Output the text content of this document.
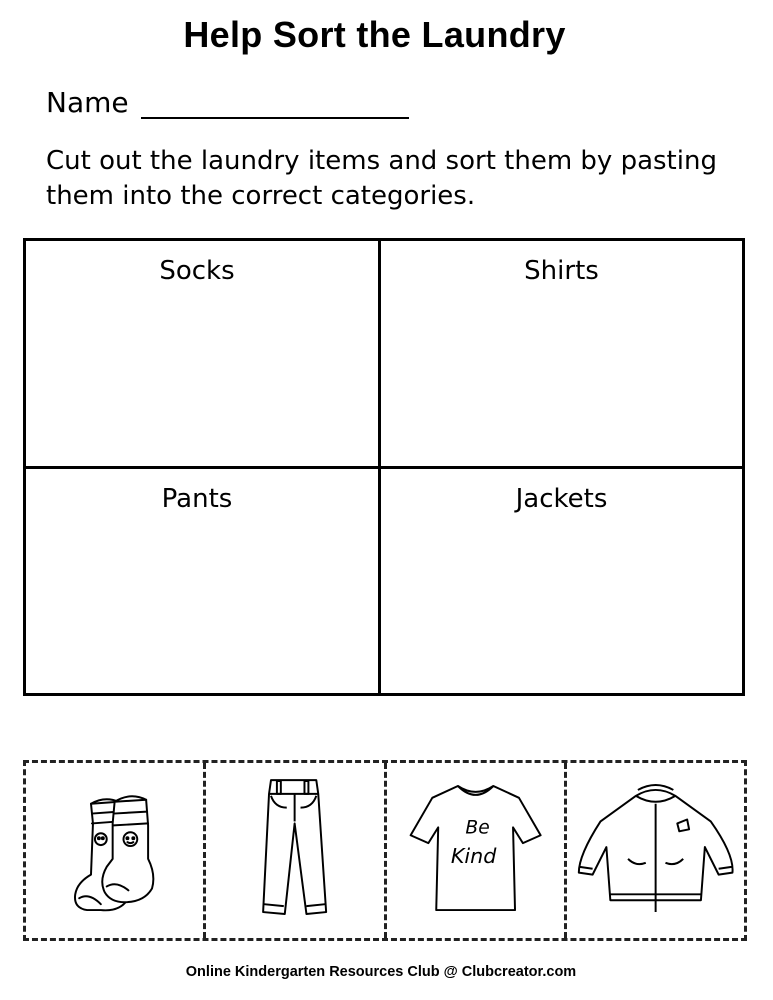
Help Sort the Laundry
Name
Cut out the laundry items and sort them by pasting them into the correct categories.
Socks	Shirts
Pants	Jackets
Be
Kind
Online Kindergarten Resources Club @ Clubcreator.com
